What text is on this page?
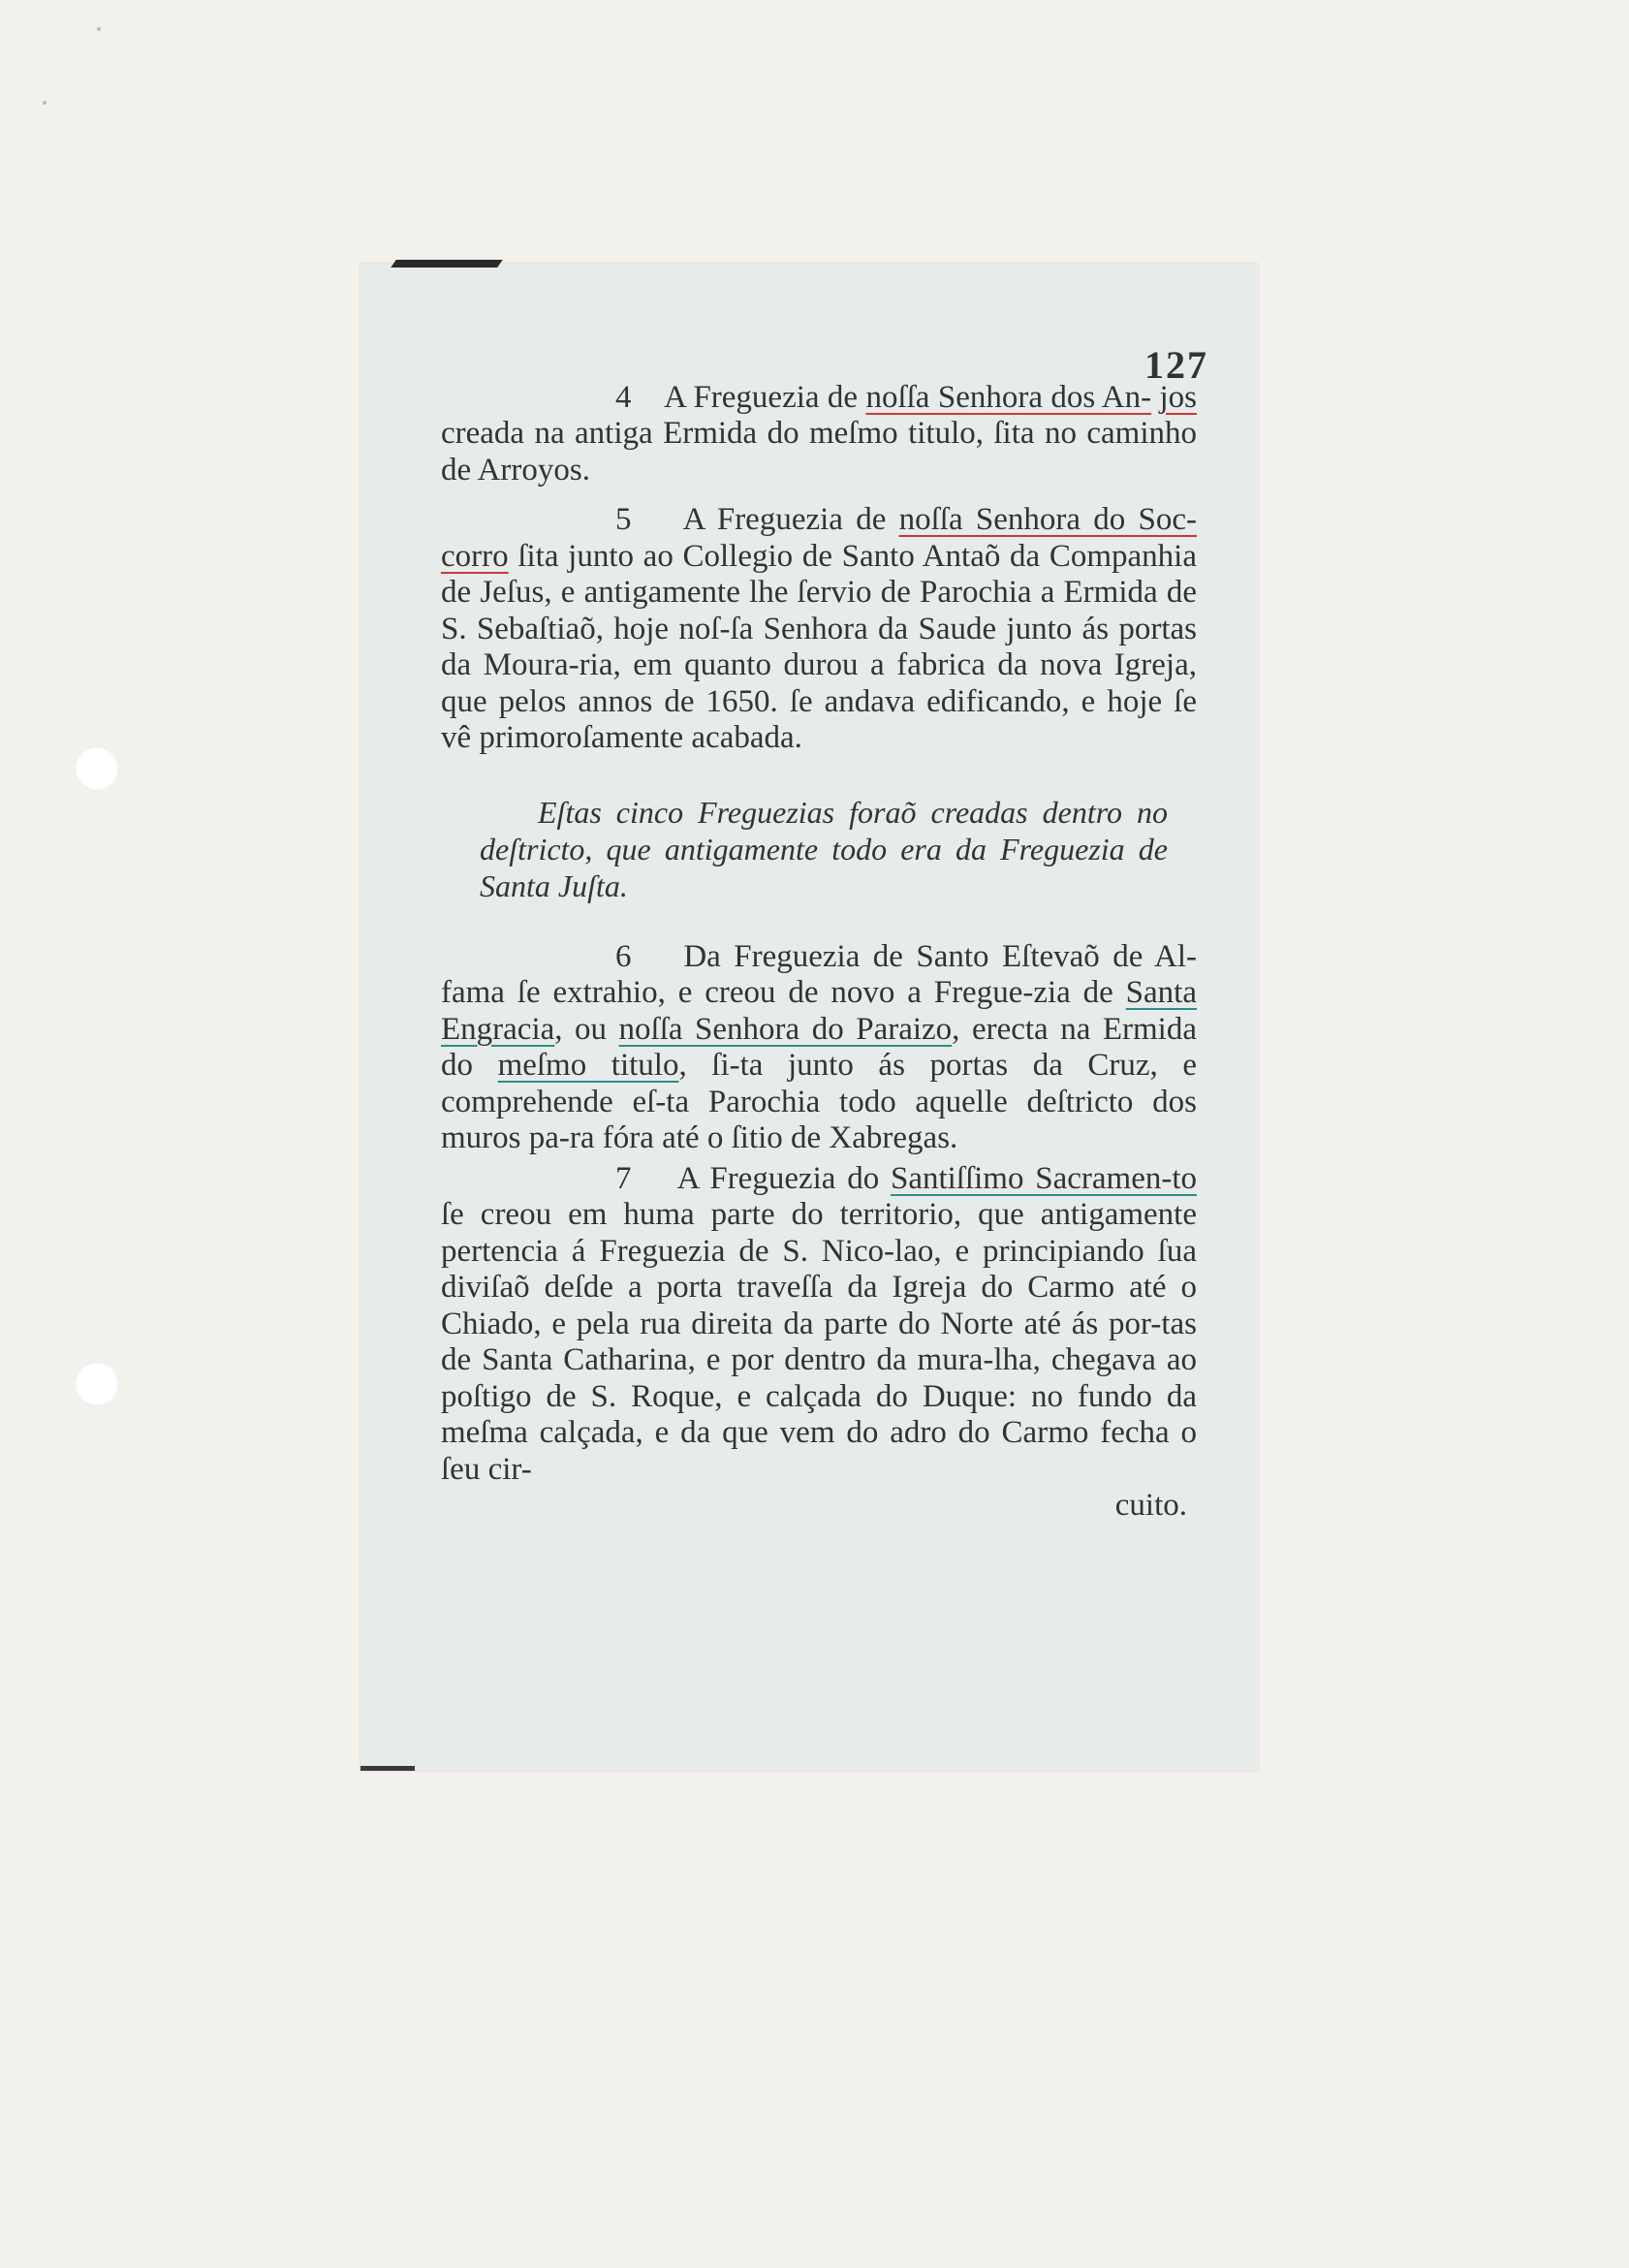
127

4 A Freguezia de noſſa Senhora dos An- jos creada na antiga Ermida do meſmo titulo, ſita no caminho de Arroyos.

5 A Freguezia de noſſa Senhora do Soc- corro ſita junto ao Collegio de Santo Antaõ da Companhia de Jeſus, e antigamente lhe ſervio de Parochia a Ermida de S. Sebaſtiaõ, hoje noſ-ſa Senhora da Saude junto ás portas da Moura-ria, em quanto durou a fabrica da nova Igreja, que pelos annos de 1650. ſe andava edificando, e hoje ſe vê primoroſamente acabada.

Eſtas cinco Freguezias foraõ creadas dentro no deſtricto, que antigamente todo era da Freguezia de Santa Juſta.

6 Da Freguezia de Santo Eſtevaõ de Al-fama ſe extrahio, e creou de novo a Fregue-zia de Santa Engracia, ou noſſa Senhora do Paraizo, erecta na Ermida do meſmo titulo, ſi-ta junto ás portas da Cruz, e comprehende eſ-ta Parochia todo aquelle deſtricto dos muros pa-ra fóra até o ſitio de Xabregas.

7 A Freguezia do Santiſſimo Sacramen-to ſe creou em huma parte do territorio, que antigamente pertencia á Freguezia de S. Nico-lao, e principiando ſua diviſaõ deſde a porta traveſſa da Igreja do Carmo até o Chiado, e pela rua direita da parte do Norte até ás por-tas de Santa Catharina, e por dentro da mura-lha, chegava ao poſtigo de S. Roque, e calçada do Duque: no fundo da meſma calçada, e da que vem do adro do Carmo fecha o ſeu cir-

cuito.
